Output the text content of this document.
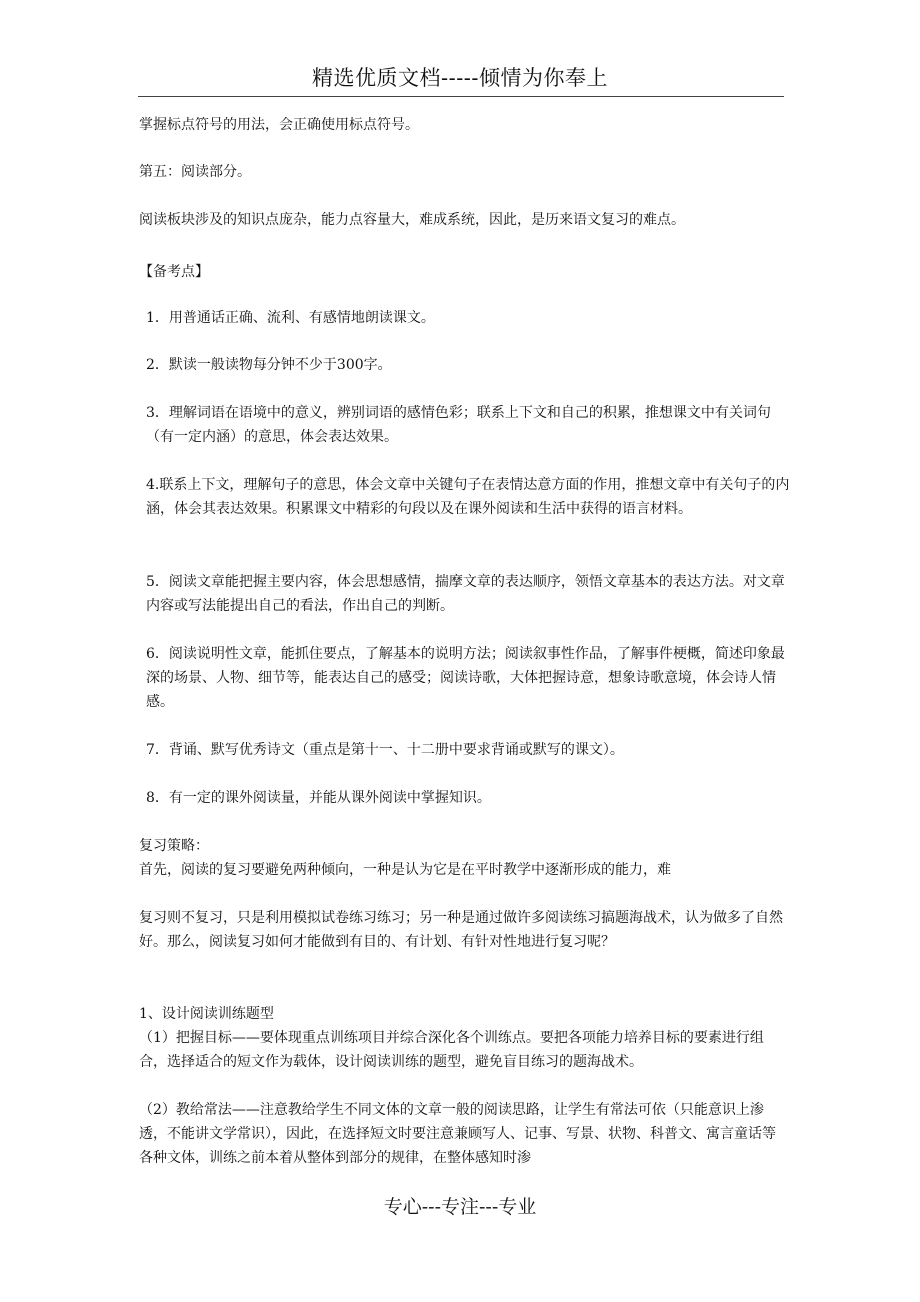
精选优质文档-----倾情为你奉上

掌握标点符号的用法，会正确使用标点符号。

第五：阅读部分。

阅读板块涉及的知识点庞杂，能力点容量大，难成系统，因此，是历来语文复习的难点。

【备考点】

1．用普通话正确、流利、有感情地朗读课文。

2．默读一般读物每分钟不少于300字。

3．理解词语在语境中的意义，辨别词语的感情色彩；联系上下文和自己的积累，推想课文中有关词句（有一定内涵）的意思，体会表达效果。

4.联系上下文，理解句子的意思，体会文章中关键句子在表情达意方面的作用，推想文章中有关句子的内涵，体会其表达效果。积累课文中精彩的句段以及在课外阅读和生活中获得的语言材料。

5．阅读文章能把握主要内容，体会思想感情，揣摩文章的表达顺序，领悟文章基本的表达方法。对文章内容或写法能提出自己的看法，作出自己的判断。

6．阅读说明性文章，能抓住要点，了解基本的说明方法；阅读叙事性作品，了解事件梗概，简述印象最深的场景、人物、细节等，能表达自己的感受；阅读诗歌，大体把握诗意，想象诗歌意境，体会诗人情感。

7．背诵、默写优秀诗文（重点是第十一、十二册中要求背诵或默写的课文）。

8．有一定的课外阅读量，并能从课外阅读中掌握知识。

复习策略：

首先，阅读的复习要避免两种倾向，一种是认为它是在平时教学中逐渐形成的能力，难

复习则不复习，只是利用模拟试卷练习练习；另一种是通过做许多阅读练习搞题海战术，认为做多了自然好。那么，阅读复习如何才能做到有目的、有计划、有针对性地进行复习呢？

1、设计阅读训练题型

（1）把握目标——要体现重点训练项目并综合深化各个训练点。要把各项能力培养目标的要素进行组合，选择适合的短文作为载体，设计阅读训练的题型，避免盲目练习的题海战术。

（2）教给常法——注意教给学生不同文体的文章一般的阅读思路，让学生有常法可依（只能意识上渗透，不能讲文学常识），因此，在选择短文时要注意兼顾写人、记事、写景、状物、科普文、寓言童话等各种文体，训练之前本着从整体到部分的规律，在整体感知时渗

专心---专注---专业
